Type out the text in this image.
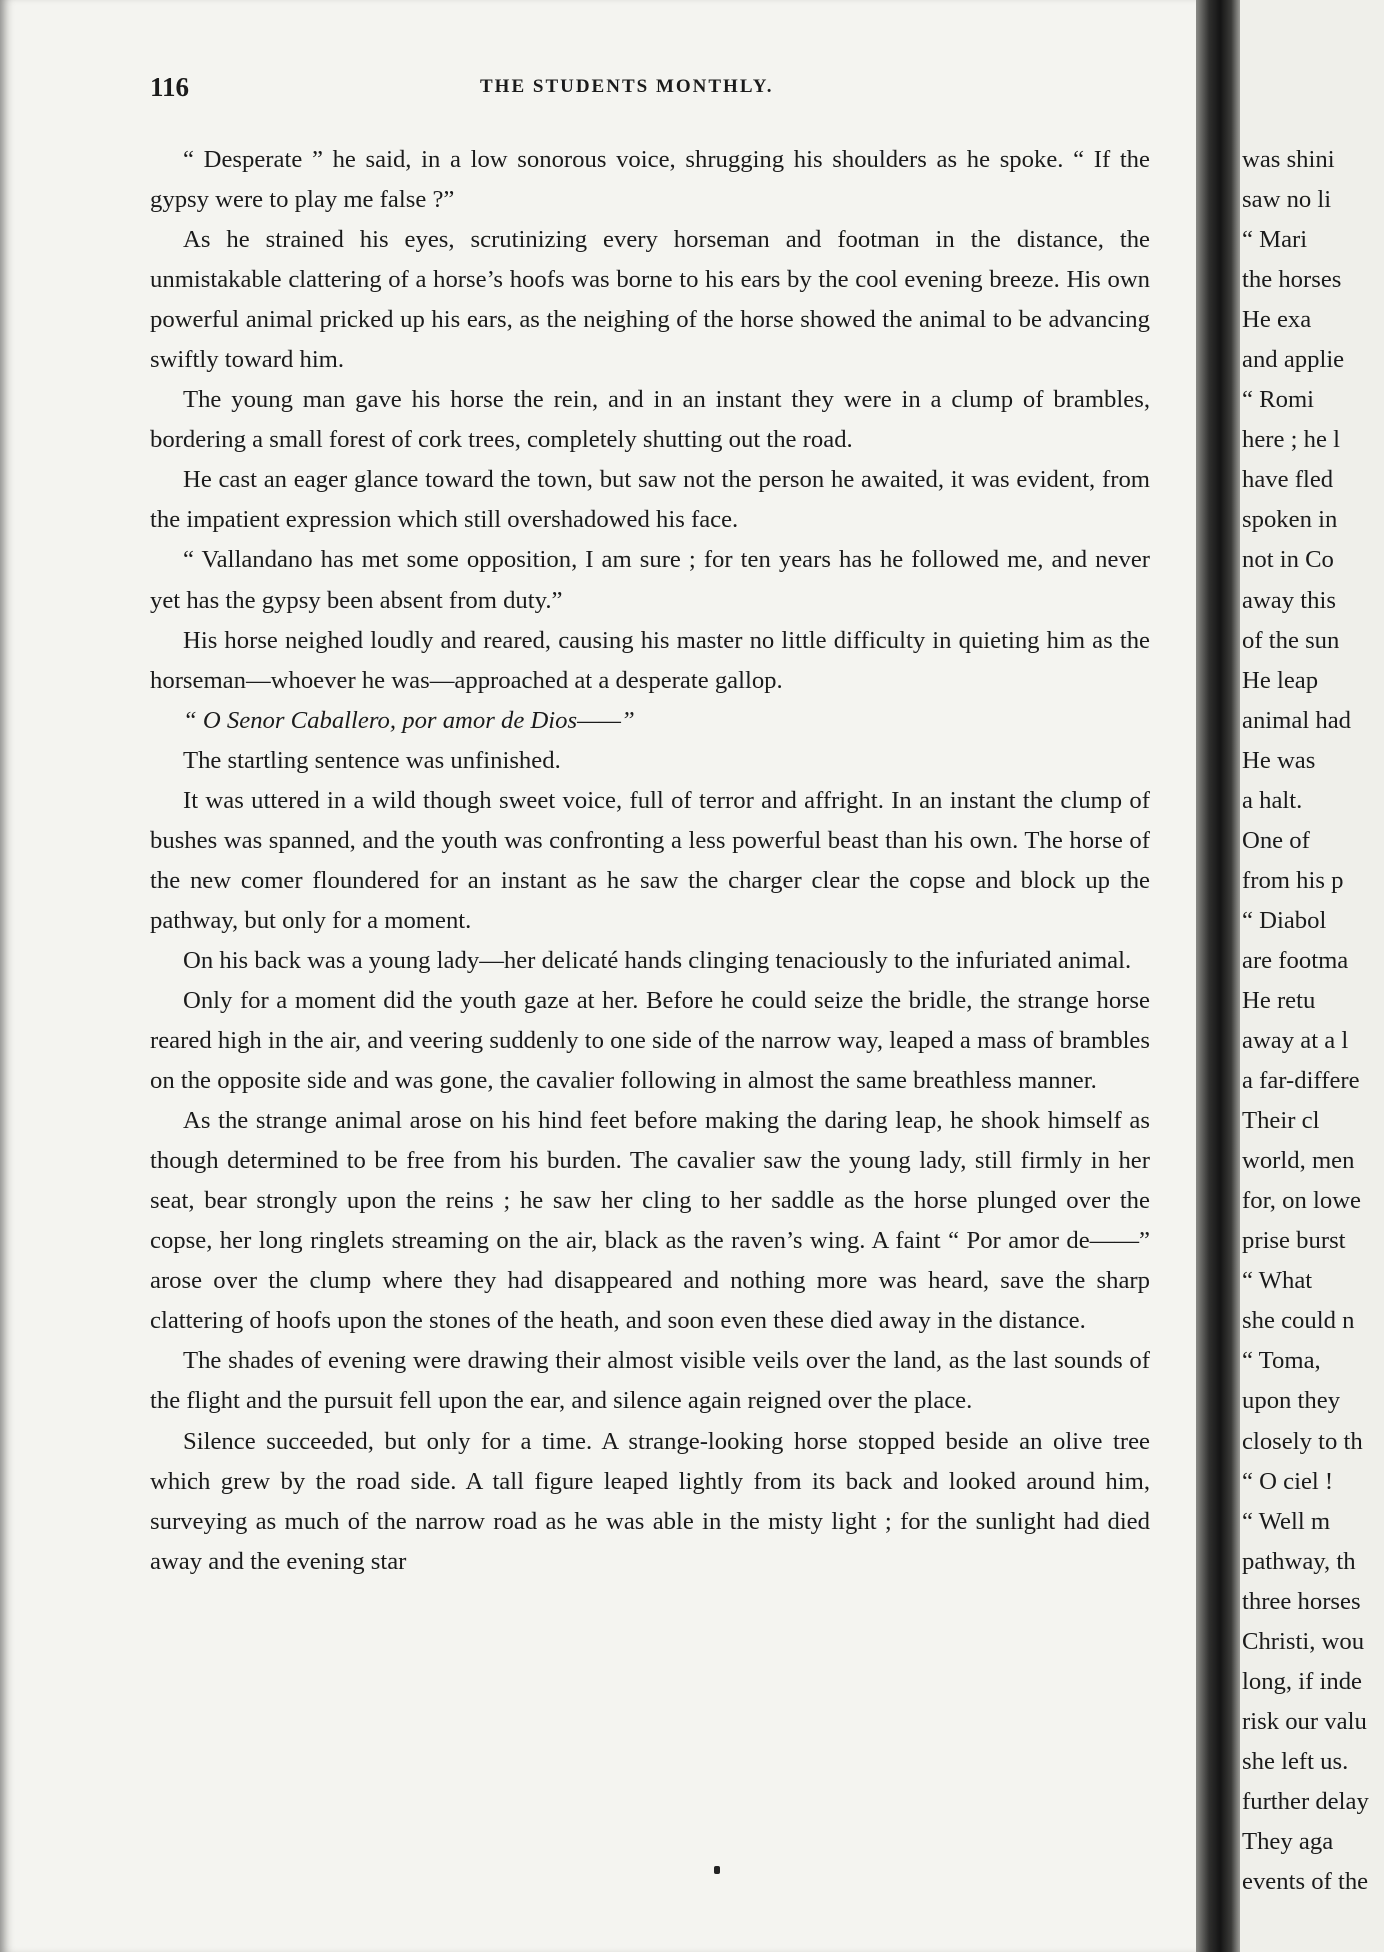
116	THE STUDENTS MONTHLY.

“ Desperate ” he said, in a low sonorous voice, shrugging his shoulders as he spoke. “ If the gypsy were to play me false ?”

As he strained his eyes, scrutinizing every horseman and footman in the distance, the unmistakable clattering of a horse’s hoofs was borne to his ears by the cool evening breeze. His own powerful animal pricked up his ears, as the neighing of the horse showed the animal to be advancing swiftly toward him.

The young man gave his horse the rein, and in an instant they were in a clump of brambles, bordering a small forest of cork trees, completely shutting out the road.

He cast an eager glance toward the town, but saw not the person he awaited, it was evident, from the impatient expression which still overshadowed his face.

“ Vallandano has met some opposition, I am sure ; for ten years has he followed me, and never yet has the gypsy been absent from duty.”

His horse neighed loudly and reared, causing his master no little difficulty in quieting him as the horseman—whoever he was—approached at a desperate gallop.

“ O Senor Caballero, por amor de Dios——”

The startling sentence was unfinished.

It was uttered in a wild though sweet voice, full of terror and affright. In an instant the clump of bushes was spanned, and the youth was confronting a less powerful beast than his own. The horse of the new comer floundered for an instant as he saw the charger clear the copse and block up the pathway, but only for a moment.

On his back was a young lady—her delicaté hands clinging tenaciously to the infuriated animal.

Only for a moment did the youth gaze at her. Before he could seize the bridle, the strange horse reared high in the air, and veering suddenly to one side of the narrow way, leaped a mass of brambles on the opposite side and was gone, the cavalier following in almost the same breathless manner.

As the strange animal arose on his hind feet before making the daring leap, he shook himself as though determined to be free from his burden. The cavalier saw the young lady, still firmly in her seat, bear strongly upon the reins ; he saw her cling to her saddle as the horse plunged over the copse, her long ringlets streaming on the air, black as the raven’s wing. A faint “ Por amor de——” arose over the clump where they had disappeared and nothing more was heard, save the sharp clattering of hoofs upon the stones of the heath, and soon even these died away in the distance.

The shades of evening were drawing their almost visible veils over the land, as the last sounds of the flight and the pursuit fell upon the ear, and silence again reigned over the place.

Silence succeeded, but only for a time. A strange-looking horse stopped beside an olive tree which grew by the road side. A tall figure leaped lightly from its back and looked around him, surveying as much of the narrow road as he was able in the misty light ; for the sunlight had died away and the evening star

was shini
saw no li
“ Mari
the horses
He exa
and applie
“ Romi
here ; he l
have fled
spoken in
not in Co
away this
of the sun
He leap
animal had
He was
a halt.
One of
from his p
“ Diabol
are footma
He retu
away at a l
a far-differe
Their cl
world, men
for, on lowe
prise burst
“ What
she could n
“ Toma,
upon they
closely to th
“ O ciel !
“ Well m
pathway, th
three horses
Christi, wou
long, if inde
risk our valu
she left us.
further delay
They aga
events of the
